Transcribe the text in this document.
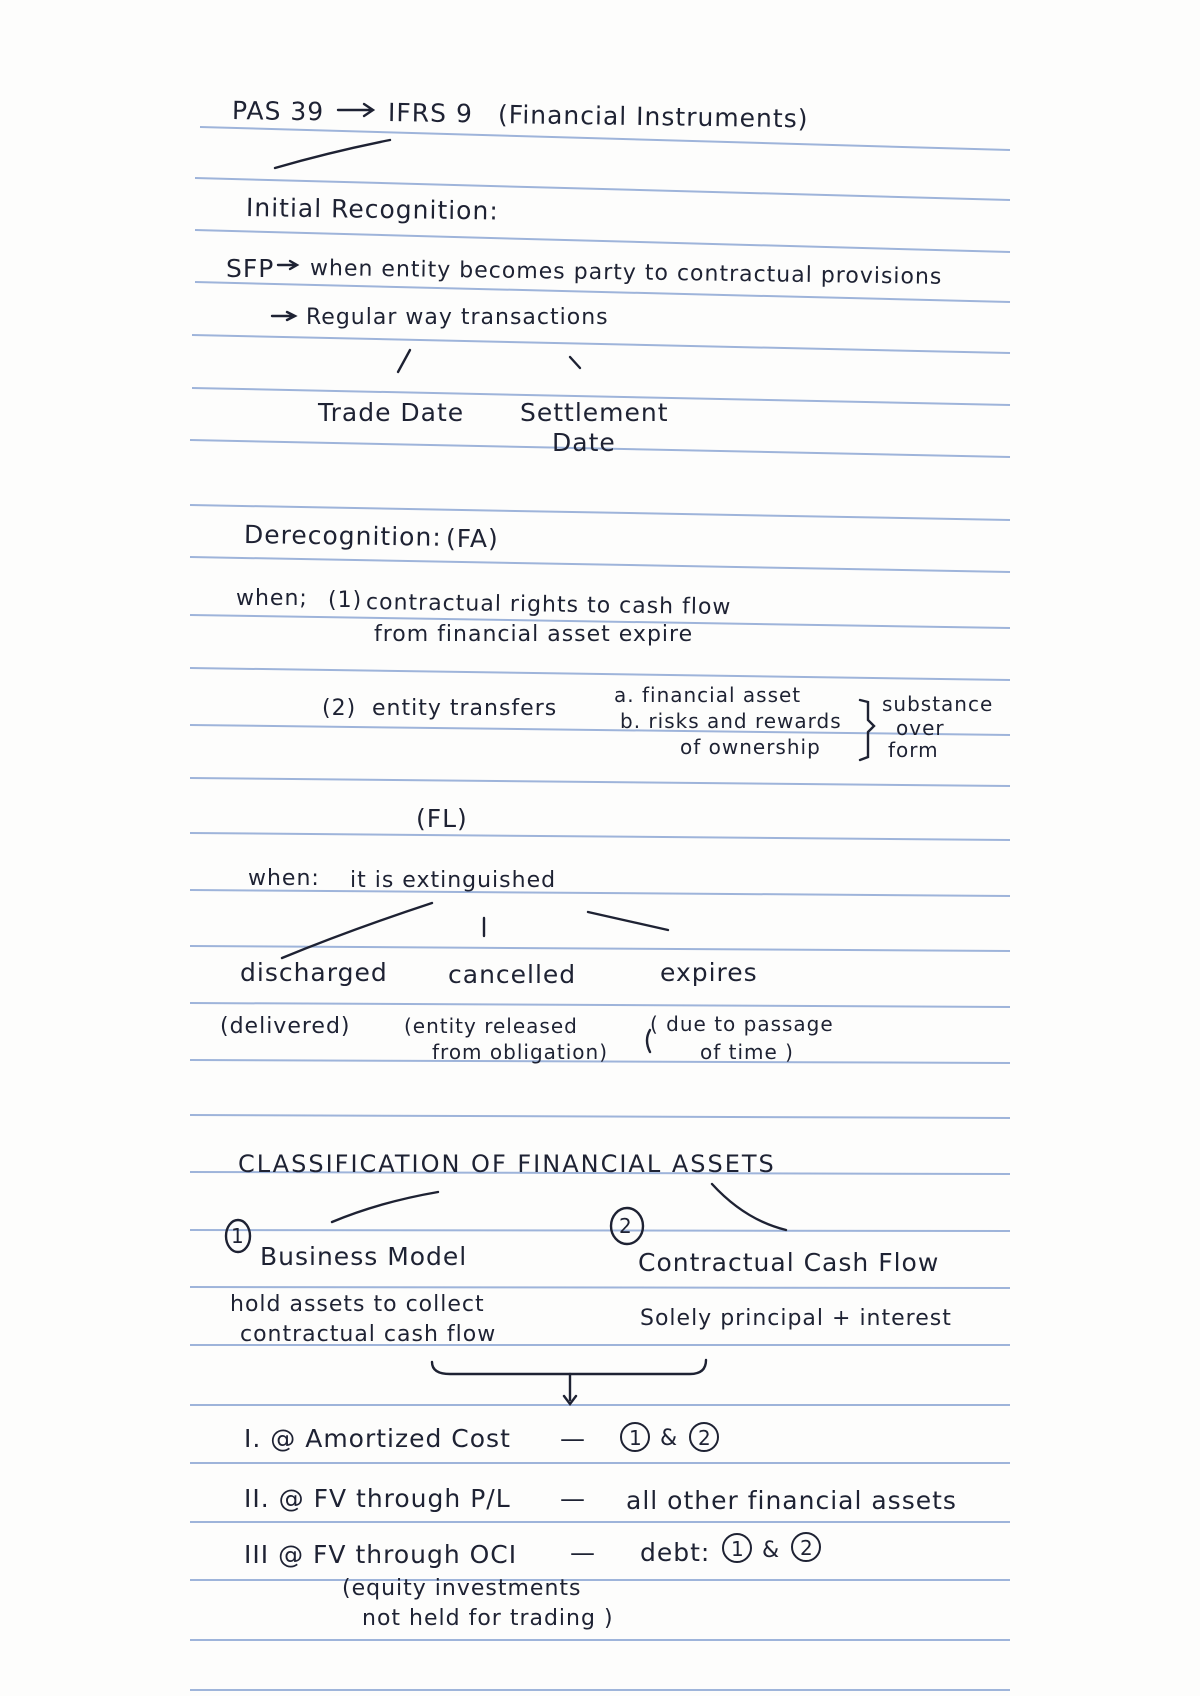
PAS 39	IFRS 9 (Financial Instruments)
Initial Recognition:
SFP when entity becomes party to contractual provisions
Regular way transactions
Trade Date Settlement
Date
Derecognition: (FA)
when; (1) contractual rights to cash flow
from financial asset expire
(2) entity transfers
a. financial asset
b. risks and rewards
of ownership
substance
over
form
(FL)
when: it is extinguished
discharged cancelled	expires
(delivered)	(entity released
from obligation)
( due to passage
of time )
CLASSIFICATION OF FINANCIAL ASSETS
1
Business Model
2
Contractual Cash Flow
hold assets to collect
contractual cash flow
Solely principal + interest
I. @ Amortized Cost — 1 & 2
II. @ FV through P/L — all other financial assets
III @ FV through OCI — debt: 1 & 2
(equity investments
not held for trading )
